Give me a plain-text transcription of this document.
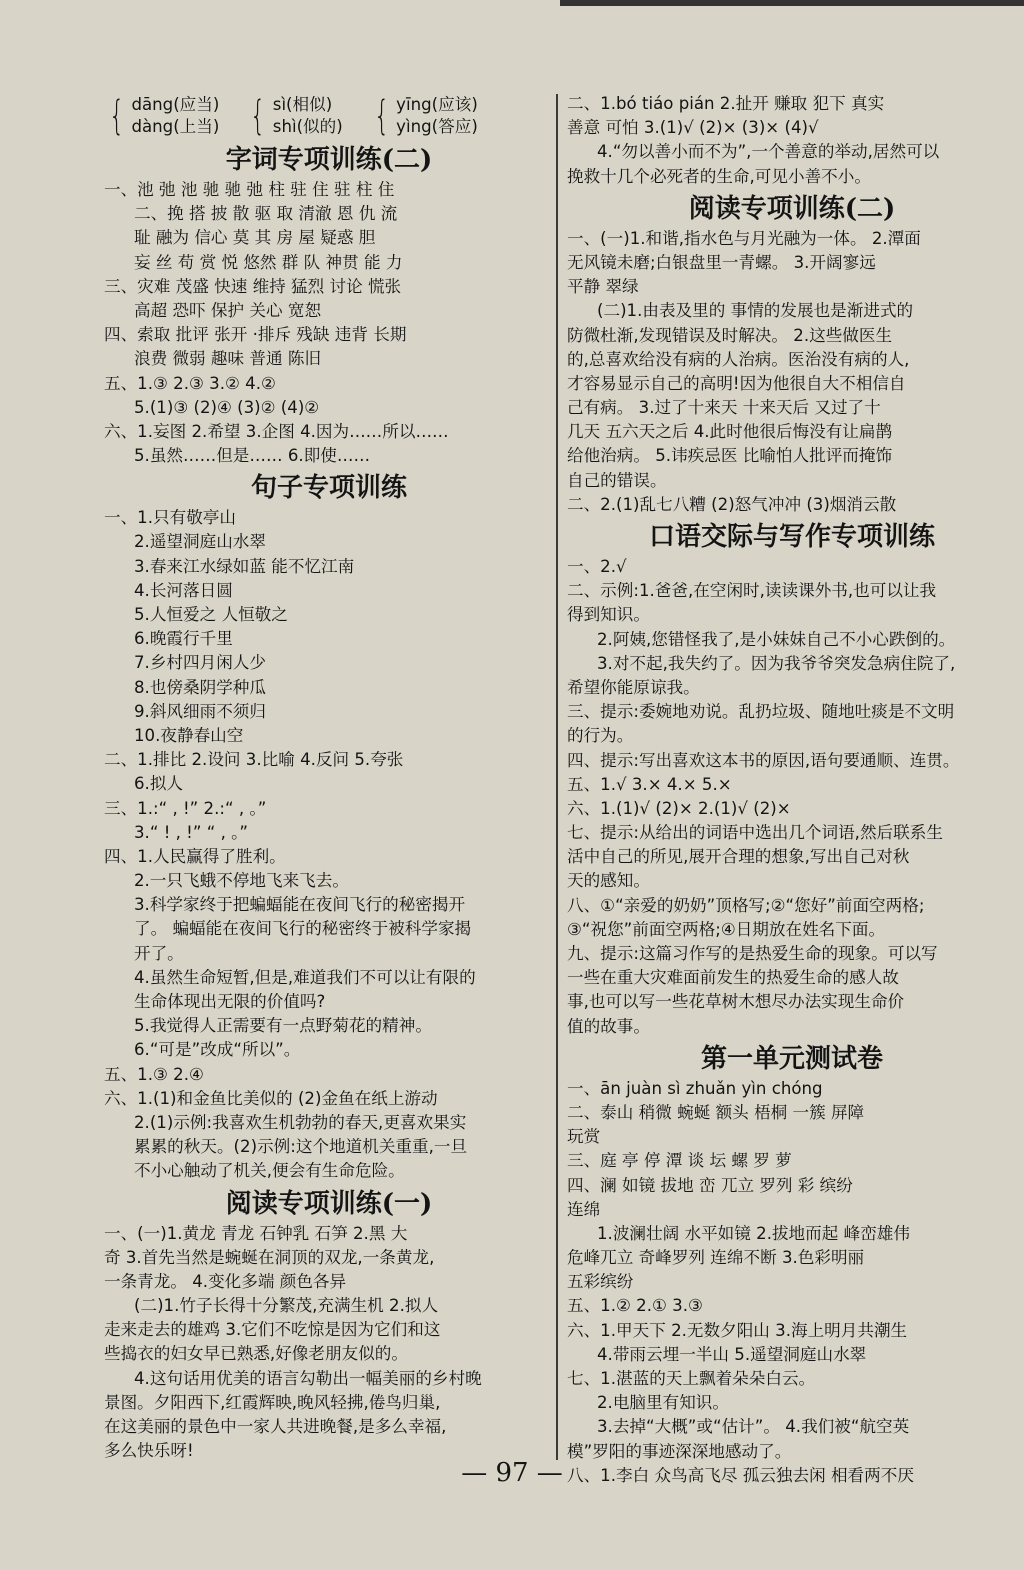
{ dāng(应当)
dàng(上当) { sì(相似)
shì(似的) { yīng(应该)
yìng(答应)
字词专项训练(二)
一、池 弛 池 驰 驰 弛 柱 驻 住 驻 柱 住
二、挽 搭 披 散 驱 取 清澈 恩 仇 流
耻 融为 信心 莫 其 房 屋 疑惑 胆
妄 丝 苟 赏 悦 悠然 群 队 神贯 能 力
三、灾难 茂盛 快速 维持 猛烈 讨论 慌张
高超 恐吓 保护 关心 宽恕
四、索取 批评 张开 ·排斥 残缺 违背 长期
浪费 微弱 趣味 普通 陈旧
五、1.③ 2.③ 3.② 4.②
5.(1)③ (2)④ (3)② (4)②
六、1.妄图 2.希望 3.企图 4.因为……所以……
5.虽然……但是…… 6.即使……
句子专项训练
一、1.只有敬亭山
2.遥望洞庭山水翠
3.春来江水绿如蓝 能不忆江南
4.长河落日圆
5.人恒爱之 人恒敬之
6.晚霞行千里
7.乡村四月闲人少
8.也傍桑阴学种瓜
9.斜风细雨不须归
10.夜静春山空
二、1.排比 2.设问 3.比喻 4.反问 5.夸张
6.拟人
三、1.:“ , !” 2.:“ , 。”
3.“ ! , !” “ , 。”
四、1.人民赢得了胜利。
2.一只飞蛾不停地飞来飞去。
3.科学家终于把蝙蝠能在夜间飞行的秘密揭开
了。 蝙蝠能在夜间飞行的秘密终于被科学家揭
开了。
4.虽然生命短暂,但是,难道我们不可以让有限的
生命体现出无限的价值吗?
5.我觉得人正需要有一点野菊花的精神。
6.“可是”改成“所以”。
五、1.③ 2.④
六、1.(1)和金鱼比美似的 (2)金鱼在纸上游动
2.(1)示例:我喜欢生机勃勃的春天,更喜欢果实
累累的秋天。(2)示例:这个地道机关重重,一旦
不小心触动了机关,便会有生命危险。
阅读专项训练(一)
一、(一)1.黄龙 青龙 石钟乳 石笋 2.黑 大
奇 3.首先当然是蜿蜒在洞顶的双龙,一条黄龙,
一条青龙。 4.变化多端 颜色各异
(二)1.竹子长得十分繁茂,充满生机 2.拟人
走来走去的雄鸡 3.它们不吃惊是因为它们和这
些捣衣的妇女早已熟悉,好像老朋友似的。
4.这句话用优美的语言勾勒出一幅美丽的乡村晚
景图。夕阳西下,红霞辉映,晚风轻拂,倦鸟归巢,
在这美丽的景色中一家人共进晚餐,是多么幸福,
多么快乐呀!
二、1.bó tiáo pián 2.扯开 赚取 犯下 真实
善意 可怕 3.(1)√ (2)× (3)× (4)√
4.“勿以善小而不为”,一个善意的举动,居然可以
挽救十几个必死者的生命,可见小善不小。
阅读专项训练(二)
一、(一)1.和谐,指水色与月光融为一体。 2.潭面
无风镜未磨;白银盘里一青螺。 3.开阔寥远
平静 翠绿
(二)1.由表及里的 事情的发展也是渐进式的
防微杜渐,发现错误及时解决。 2.这些做医生
的,总喜欢给没有病的人治病。医治没有病的人,
才容易显示自己的高明!因为他很自大不相信自
己有病。 3.过了十来天 十来天后 又过了十
几天 五六天之后 4.此时他很后悔没有让扁鹊
给他治病。 5.讳疾忌医 比喻怕人批评而掩饰
自己的错误。
二、2.(1)乱七八糟 (2)怒气冲冲 (3)烟消云散
口语交际与写作专项训练
一、2.√
二、示例:1.爸爸,在空闲时,读读课外书,也可以让我
得到知识。
2.阿姨,您错怪我了,是小妹妹自己不小心跌倒的。
3.对不起,我失约了。因为我爷爷突发急病住院了,
希望你能原谅我。
三、提示:委婉地劝说。乱扔垃圾、随地吐痰是不文明
的行为。
四、提示:写出喜欢这本书的原因,语句要通顺、连贯。
五、1.√ 3.× 4.× 5.×
六、1.(1)√ (2)× 2.(1)√ (2)×
七、提示:从给出的词语中选出几个词语,然后联系生
活中自己的所见,展开合理的想象,写出自己对秋
天的感知。
八、①“亲爱的奶奶”顶格写;②“您好”前面空两格;
③“祝您”前面空两格;④日期放在姓名下面。
九、提示:这篇习作写的是热爱生命的现象。可以写
一些在重大灾难面前发生的热爱生命的感人故
事,也可以写一些花草树木想尽办法实现生命价
值的故事。
第一单元测试卷
一、ān juàn sì zhuǎn yìn chóng
二、泰山 稍微 蜿蜒 额头 梧桐 一簇 屏障
玩赏
三、庭 亭 停 潭 谈 坛 螺 罗 萝
四、澜 如镜 拔地 峦 兀立 罗列 彩 缤纷
连绵
1.波澜壮阔 水平如镜 2.拔地而起 峰峦雄伟
危峰兀立 奇峰罗列 连绵不断 3.色彩明丽
五彩缤纷
五、1.② 2.① 3.③
六、1.甲天下 2.无数夕阳山 3.海上明月共潮生
4.带雨云埋一半山 5.遥望洞庭山水翠
七、1.湛蓝的天上飘着朵朵白云。
2.电脑里有知识。
3.去掉“大概”或“估计”。 4.我们被“航空英
模”罗阳的事迹深深地感动了。
八、1.李白 众鸟高飞尽 孤云独去闲 相看两不厌
— 97 —
